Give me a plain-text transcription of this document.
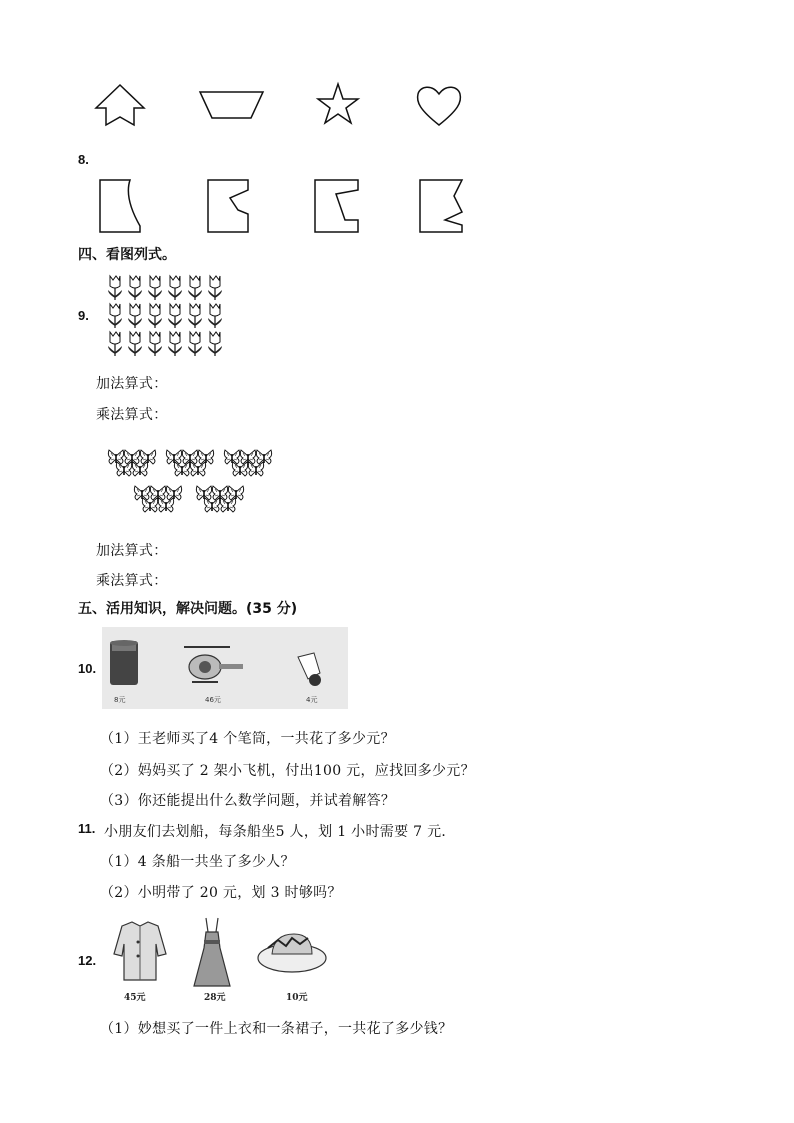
8.
四、看图列式。
9.
加法算式：
乘法算式：
加法算式：
乘法算式：
五、活用知识，解决问题。(35 分)
10.
8元	46元	4元
（1）王老师买了4 个笔筒，一共花了多少元？
（2）妈妈买了 2 架小飞机，付出100 元，应找回多少元？
（3）你还能提出什么数学问题，并试着解答？
11. 小朋友们去划船，每条船坐5 人，划 1 小时需要 7 元．
（1）4 条船一共坐了多少人？
（2）小明带了 20 元，划 3 时够吗？
12.
45元	28元	10元
（1）妙想买了一件上衣和一条裙子，一共花了多少钱？
